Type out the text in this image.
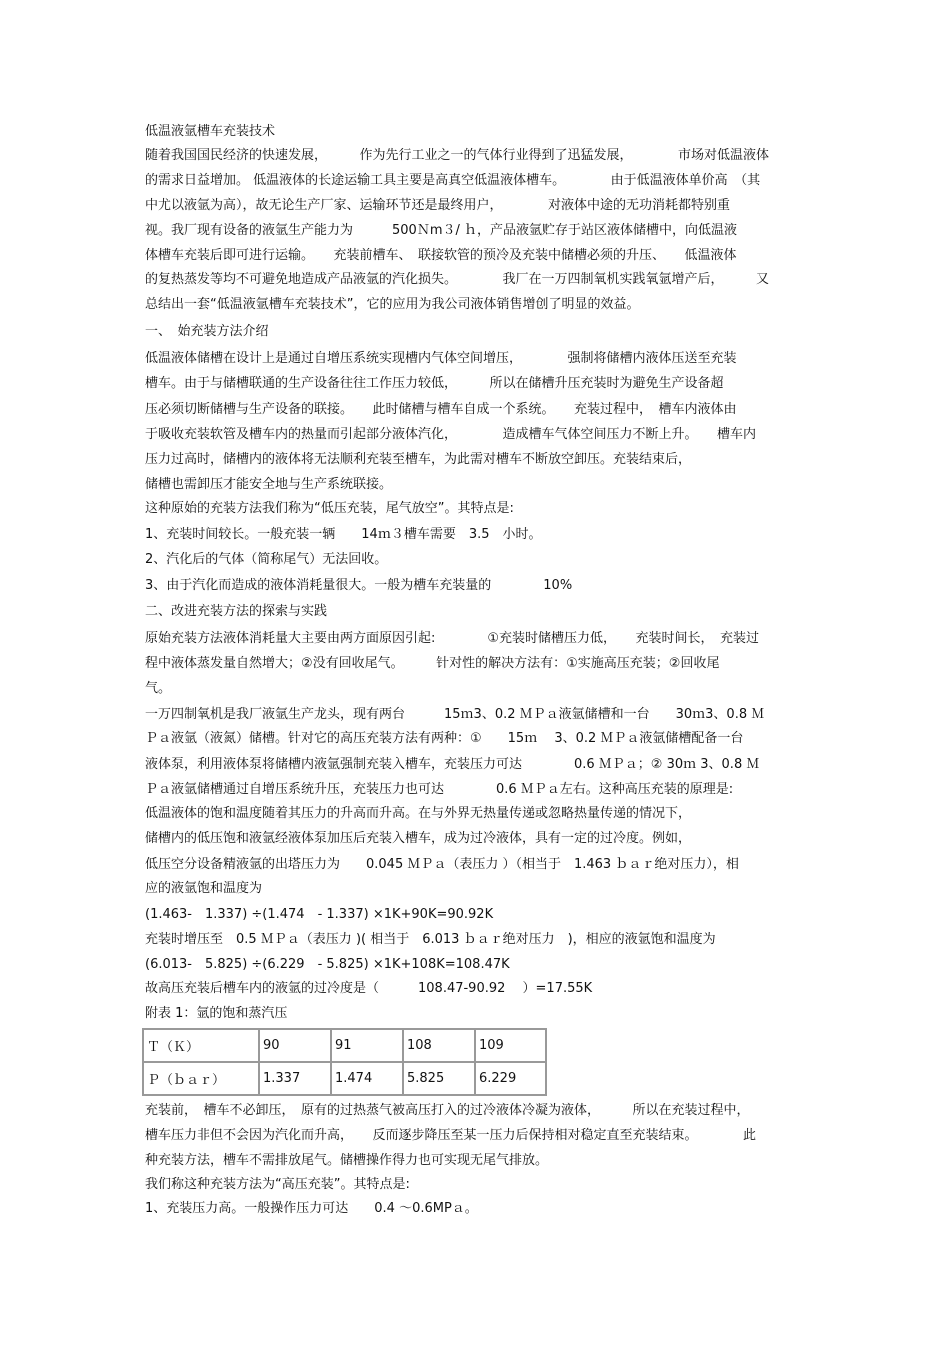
低温液氩槽车充装技术
随着我国国民经济的快速发展，　　　作为先行工业之一的气体行业得到了迅猛发展，　　　　市场对低温液体
的需求日益增加。 低温液体的长途运输工具主要是高真空低温液体槽车。　　　　由于低温液体单价高　（其
中尤以液氩为高），故无论生产厂家、运输环节还是最终用户，　　　　对液体中途的无功消耗都特别重
视。我厂现有设备的液氩生产能力为　　　500Ｎm３/ ｈ，产品液氩贮存于站区液体储槽中，向低温液
体槽车充装后即可进行运输。　　充装前槽车、　联接软管的预冷及充装中储槽必须的升压、　　低温液体
的复热蒸发等均不可避免地造成产品液氩的汽化损失。　　　　我厂在一万四制氧机实践氧氩增产后，　　　又
总结出一套“低温液氩槽车充装技术”，它的应用为我公司液体销售增创了明显的效益。
一、　始充装方法介绍
低温液体储槽在设计上是通过自增压系统实现槽内气体空间增压，　　　　强制将储槽内液体压送至充装
槽车。由于与储槽联通的生产设备往往工作压力较低，　　　所以在储槽升压充装时为避免生产设备超
压必须切断储槽与生产设备的联接。　　此时储槽与槽车自成一个系统。　　充装过程中，　槽车内液体由
于吸收充装软管及槽车内的热量而引起部分液体汽化，　　　　造成槽车气体空间压力不断上升。　　槽车内
压力过高时，储槽内的液体将无法顺利充装至槽车，为此需对槽车不断放空卸压。充装结束后，
储槽也需卸压才能安全地与生产系统联接。
这种原始的充装方法我们称为“低压充装，尾气放空”。其特点是:
1、充装时间较长。一般充装一辆　　14ｍ３槽车需要　3.5　小时。
2、汽化后的气体（简称尾气）无法回收。
3、由于汽化而造成的液体消耗量很大。一般为槽车充装量的　　　　10%
二、改进充装方法的探索与实践
原始充装方法液体消耗量大主要由两方面原因引起:　　　　①充装时储槽压力低，　　充装时间长，　充装过
程中液体蒸发量自然增大；②没有回收尾气。　　　针对性的解决方法有：①实施高压充装；②回收尾
气。
一万四制氧机是我厂液氩生产龙头，现有两台　　　15ｍ3、0.2 ＭＰａ液氩储槽和一台　　30ｍ3、0.8 Ｍ
Ｐａ液氩（液氮）储槽。针对它的高压充装方法有两种：①　　15ｍ　 3、0.2 ＭＰａ液氩储槽配备一台
液体泵，利用液体泵将储槽内液氩强制充装入槽车，充装压力可达　　　　0.6 ＭＰａ；② 30ｍ 3、0.8 Ｍ
Ｐａ液氩储槽通过自增压系统升压，充装压力也可达　　　　0.6 ＭＰａ左右。这种高压充装的原理是:
低温液体的饱和温度随着其压力的升高而升高。在与外界无热量传递或忽略热量传递的情况下，
储槽内的低压饱和液氩经液体泵加压后充装入槽车，成为过冷液体，具有一定的过冷度。例如，
低压空分设备精液氩的出塔压力为　　0.045 ＭＰａ（表压力 ）（相当于　1.463 ｂａｒ绝对压力），相
应的液氩饱和温度为
(1.463-　1.337) ÷(1.474　- 1.337) ×1K+90K=90.92K
充装时增压至　0.5 ＭＰａ（表压力 )( 相当于　6.013 ｂａｒ绝对压力　)，相应的液氩饱和温度为
(6.013-　5.825) ÷(6.229　- 5.825) ×1K+108K=108.47K
故高压充装后槽车内的液氩的过冷度是（　　　108.47-90.92　 ）=17.55K
附表 1：氩的饱和蒸汽压
Ｔ（Ｋ）	90	91	108	109
Ｐ（ｂａｒ）	1.337	1.474	5.825	6.229
充装前，　槽车不必卸压，　原有的过热蒸气被高压打入的过冷液体冷凝为液体，　　　所以在充装过程中，
槽车压力非但不会因为汽化而升高，　　反而逐步降压至某一压力后保持相对稳定直至充装结束。　　　　此
种充装方法，槽车不需排放尾气。储槽操作得力也可实现无尾气排放。
我们称这种充装方法为“高压充装”。其特点是:
1、充装压力高。一般操作压力可达　　0.4 ～0.6MPａ。
